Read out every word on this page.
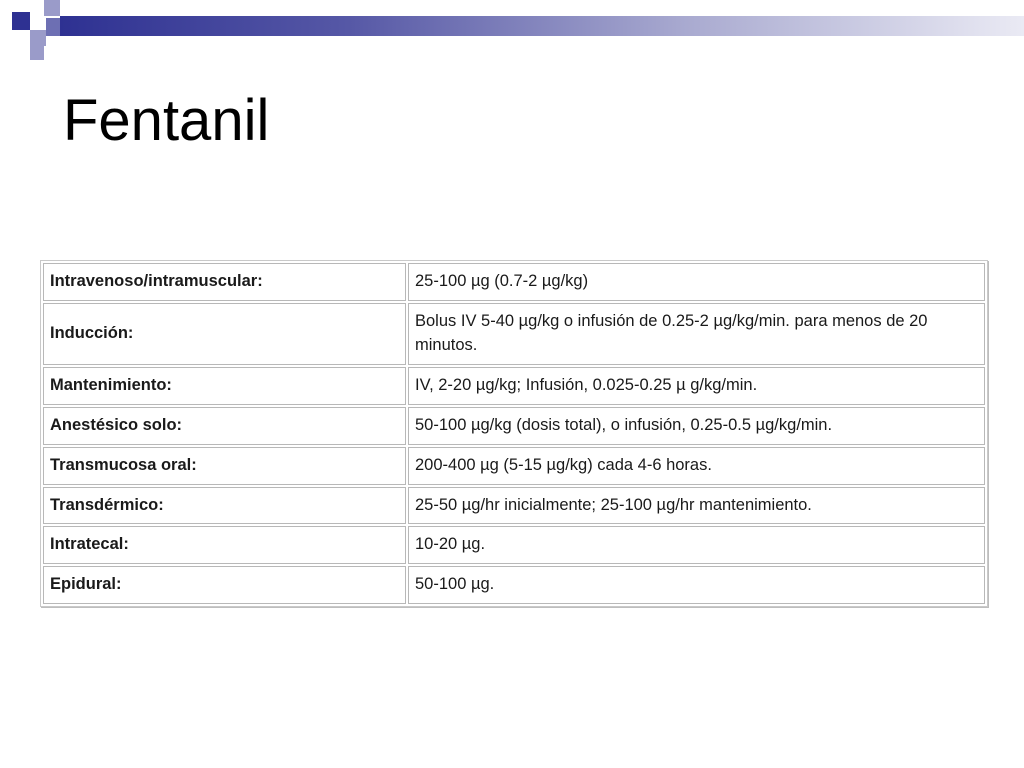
Fentanil
Intravenoso/intramuscular:	25-100 µg (0.7-2 µg/kg)
Inducción:	Bolus IV 5-40 µg/kg o infusión de 0.25-2 µg/kg/min. para menos de 20 minutos.
Mantenimiento:	IV, 2-20 µg/kg; Infusión, 0.025-0.25 µ g/kg/min.
Anestésico solo:	50-100 µg/kg (dosis total), o infusión, 0.25-0.5 µg/kg/min.
Transmucosa oral:	200-400 µg (5-15 µg/kg) cada 4-6 horas.
Transdérmico:	25-50 µg/hr inicialmente; 25-100 µg/hr mantenimiento.
Intratecal:	10-20 µg.
Epidural:	50-100 µg.
